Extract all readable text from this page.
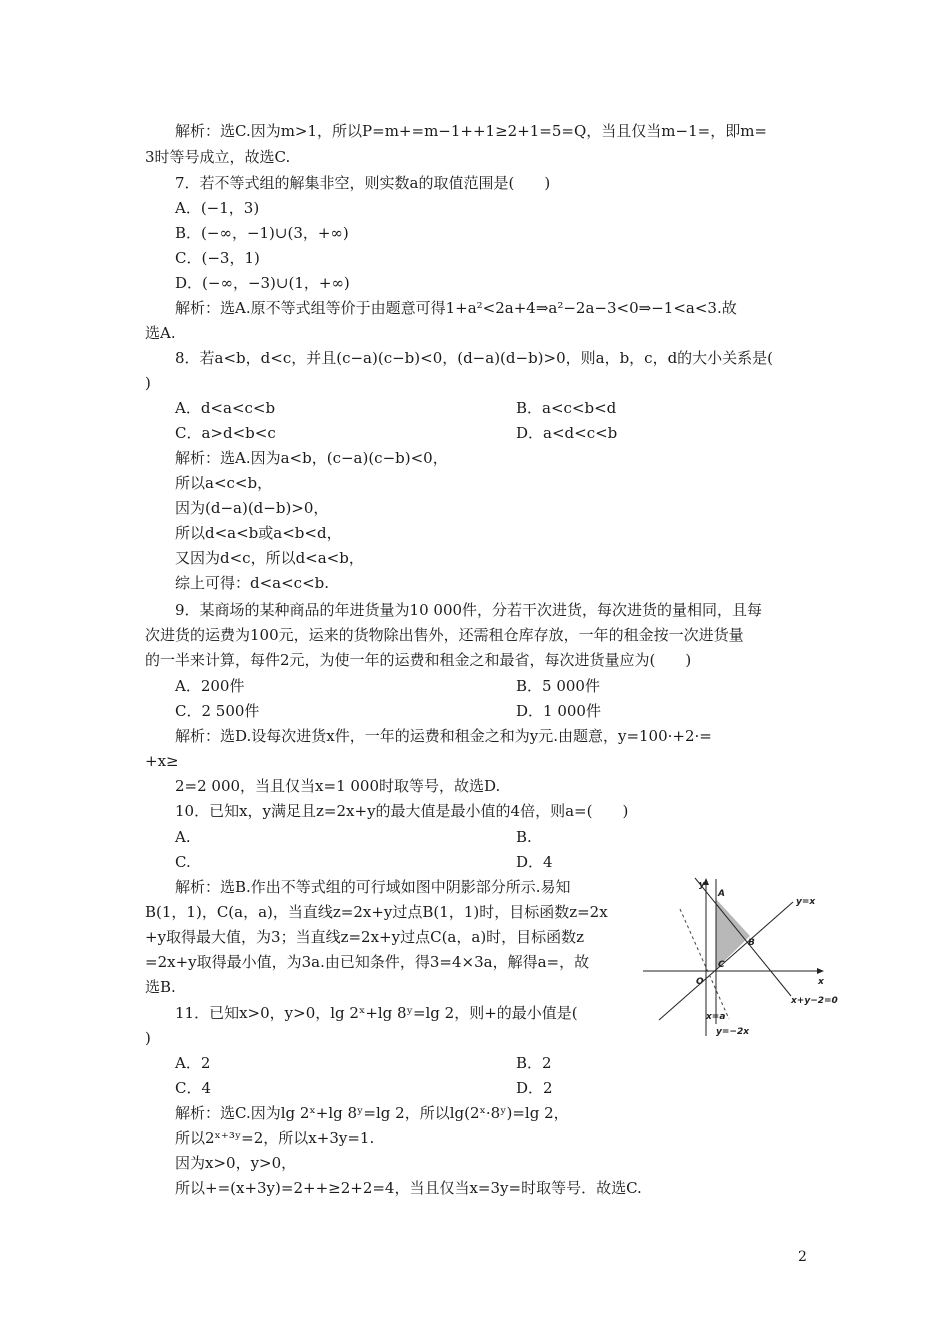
解析：选C.因为m>1，所以P=m+=m−1++1≥2+1=5=Q，当且仅当m−1=，即m=
3时等号成立，故选C.
7．若不等式组的解集非空，则实数a的取值范围是(　　)
A．(−1，3)
B．(−∞，−1)∪(3，+∞)
C．(−3，1)
D．(−∞，−3)∪(1，+∞)
解析：选A.原不等式组等价于由题意可得1+a²<2a+4⇒a²−2a−3<0⇒−1<a<3.故
选A.
8．若a<b，d<c，并且(c−a)(c−b)<0，(d−a)(d−b)>0，则a，b，c，d的大小关系是(
)
A．d<a<c<b	B．a<c<b<d
C．a>d<b<c	D．a<d<c<b
解析：选A.因为a<b，(c−a)(c−b)<0，
所以a<c<b，
因为(d−a)(d−b)>0，
所以d<a<b或a<b<d，
又因为d<c，所以d<a<b，
综上可得：d<a<c<b.
9．某商场的某种商品的年进货量为10 000件，分若干次进货，每次进货的量相同，且每
次进货的运费为100元，运来的货物除出售外，还需租仓库存放，一年的租金按一次进货量
的一半来计算，每件2元，为使一年的运费和租金之和最省，每次进货量应为(　　)
A．200件	B．5 000件
C．2 500件	D．1 000件
解析：选D.设每次进货x件，一年的运费和租金之和为y元.由题意，y=100·+2·=
+x≥
2=2 000，当且仅当x=1 000时取等号，故选D.
10．已知x，y满足且z=2x+y的最大值是最小值的4倍，则a=(　　)
A.	B.
C.	D．4
解析：选B.作出不等式组的可行域如图中阴影部分所示.易知
B(1，1)，C(a，a)，当直线z=2x+y过点B(1，1)时，目标函数z=2x
+y取得最大值，为3；当直线z=2x+y过点C(a，a)时，目标函数z
=2x+y取得最小值，为3a.由已知条件，得3=4×3a，解得a=，故
选B.
y
x
O
A
B
C
y=x
x+y−2=0
x=a
y=−2x
11．已知x>0，y>0，lg 2ˣ+lg 8ʸ=lg 2，则+的最小值是(
)
A．2	B．2
C．4	D．2
解析：选C.因为lg 2ˣ+lg 8ʸ=lg 2，所以lg(2ˣ·8ʸ)=lg 2，
所以2ˣ⁺³ʸ=2，所以x+3y=1.
因为x>0，y>0，
所以+=(x+3y)=2++≥2+2=4，当且仅当x=3y=时取等号．故选C.
2
